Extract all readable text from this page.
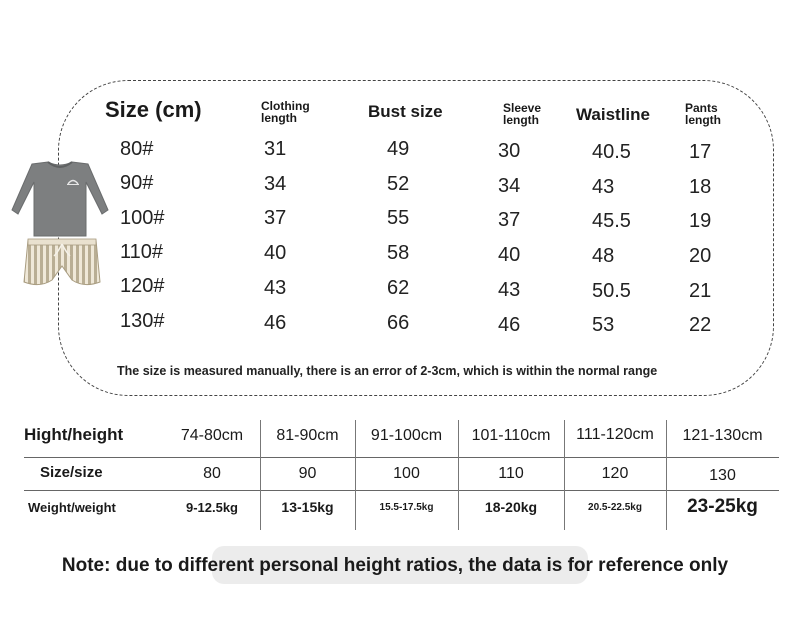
Size (cm)	Clothing length	Bust size	Sleeve length	Waistline	Pants length
80#	31	49	30	40.5	17
90#	34	52	34	43	18
100#	37	55	37	45.5	19
110#	40	58	40	48	20
120#	43	62	43	50.5	21
130#	46	66	46	53	22
The size is measured manually, there is an error of 2-3cm, which is within the normal range
Hight/height	74-80cm	81-90cm	91-100cm	101-110cm	111-120cm	121-130cm
Size/size	80	90	100	110	120	130
Weight/weight	9-12.5kg	13-15kg	15.5-17.5kg	18-20kg	20.5-22.5kg	23-25kg
Note: due to different personal height ratios, the data is for reference only
